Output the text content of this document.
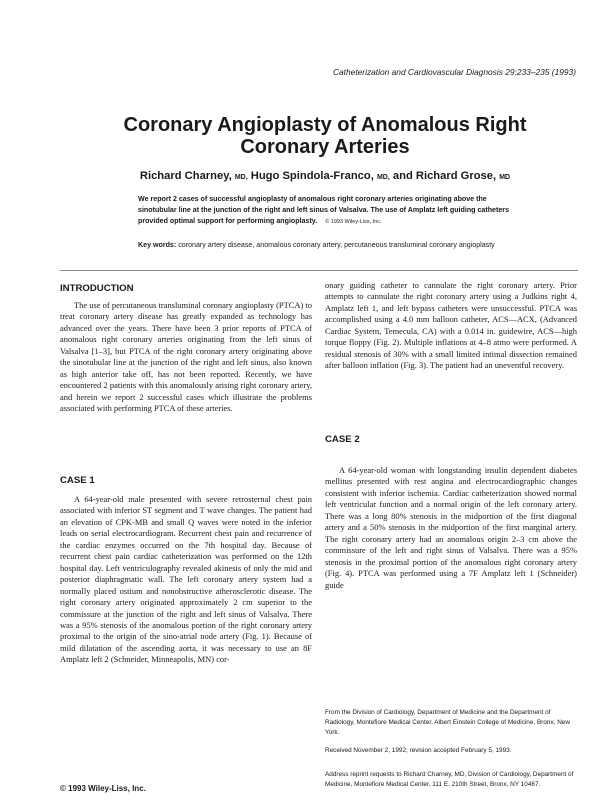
Catheterization and Cardiovascular Diagnosis 29:233–235 (1993)
Coronary Angioplasty of Anomalous Right
Coronary Arteries
Richard Charney, MD, Hugo Spindola-Franco, MD, and Richard Grose, MD
We report 2 cases of successful angioplasty of anomalous right coronary arteries originating above the sinotubular line at the junction of the right and left sinus of Valsalva. The use of Amplatz left guiding catheters provided optimal support for performing angioplasty. © 1993 Wiley-Liss, Inc.
Key words: coronary artery disease, anomalous coronary artery, percutaneous transluminal coronary angioplasty
INTRODUCTION

The use of percutaneous transluminal coronary angioplasty (PTCA) to treat coronary artery disease has greatly expanded as technology has advanced over the years. There have been 3 prior reports of PTCA of anomalous right coronary arteries originating from the left sinus of Valsalva [1–3], but PTCA of the right coronary artery originating above the sinotubular line at the junction of the right and left sinus, also known as high anterior take off, has not been reported. Recently, we have encountered 2 patients with this anomalously arising right coronary artery, and herein we report 2 successful cases which illustrate the problems associated with performing PTCA of these arteries.

CASE 1

A 64-year-old male presented with severe retrosternal chest pain associated with inferior ST segment and T wave changes. The patient had an elevation of CPK-MB and small Q waves were noted in the inferior leads on serial electrocardiogram. Recurrent chest pain and recurrence of the cardiac enzymes occurred on the 7th hospital day. Because of recurrent chest pain cardiac catheterization was performed on the 12th hospital day. Left ventriculography revealed akinesis of only the mid and posterior diaphragmatic wall. The left coronary artery system had a normally placed ostium and nonobstructive atherosclerotic disease. The right coronary artery originated approximately 2 cm superior to the commissure at the junction of the right and left sinus of Valsalva. There was a 95% stenosis of the anomalous portion of the right coronary artery proximal to the origin of the sino-atrial node artery (Fig. 1). Because of mild dilatation of the ascending aorta, it was necessary to use an 8F Amplatz left 2 (Schneider, Minneapolis, MN) cor-

onary guiding catheter to cannulate the right coronary artery. Prior attempts to cannulate the right coronary artery using a Judkins right 4, Amplatz left 1, and left bypass catheters were unsuccessful. PTCA was accomplished using a 4.0 mm balloon catheter, ACS—ACX, (Advanced Cardiac System, Temecula, CA) with a 0.014 in. guidewire, ACS—high torque floppy (Fig. 2). Multiple inflations at 4–8 atmo were performed. A residual stenosis of 30% with a small limited intimal dissection remained after balloon inflation (Fig. 3). The patient had an uneventful recovery.

CASE 2

A 64-year-old woman with longstanding insulin dependent diabetes mellitus presented with rest angina and electrocardiographic changes consistent with inferior ischemia. Cardiac catheterization showed normal left ventricular function and a normal origin of the left coronary artery. There was a long 80% stenosis in the midportion of the first diagonal artery and a 50% stenosis in the midportion of the first marginal artery. The right coronary artery had an anomalous origin 2–3 cm above the commissure of the left and right sinus of Valsalva. There was a 95% stenosis in the proximal portion of the anomalous right coronary artery (Fig. 4). PTCA was performed using a 7F Amplatz left 1 (Schneider) guide

From the Division of Cardiology, Department of Medicine and the Department of Radiology, Montefiore Medical Center, Albert Einstein College of Medicine, Bronx, New York.
Received November 2, 1992; revision accepted February 5, 1993.
Address reprint requests to Richard Charney, MD, Division of Cardiology, Department of Medicine, Montefiore Medical Center, 111 E. 210th Street, Bronx, NY 10467.
© 1993 Wiley-Liss, Inc.
